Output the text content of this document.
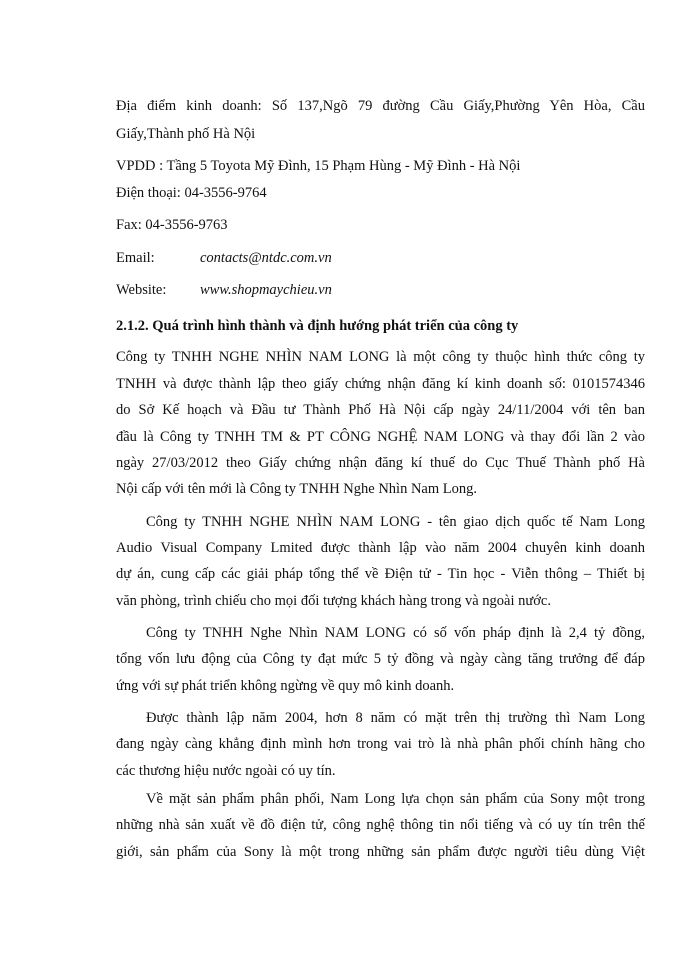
Địa điểm kinh doanh: Số 137,Ngõ 79 đường Cầu Giấy,Phường Yên Hòa, Cầu
Giấy,Thành phố Hà Nội
VPDD : Tầng 5 Toyota Mỹ Đình, 15 Phạm Hùng - Mỹ Đình - Hà Nội
Điện thoại: 04-3556-9764
Fax: 04-3556-9763
Email:	contacts@ntdc.com.vn
Website: www.shopmaychieu.vn
2.1.2. Quá trình hình thành và định hướng phát triển của công ty
Công ty TNHH NGHE NHÌN NAM LONG là một công ty thuộc hình thức công ty
TNHH và được thành lập theo giấy chứng nhận đăng kí kinh doanh số: 0101574346
do Sở Kế hoạch và Đầu tư Thành Phố Hà Nội cấp ngày 24/11/2004 với tên ban
đầu là Công ty TNHH TM & PT CÔNG NGHỆ NAM LONG và thay đổi lần 2 vào
ngày 27/03/2012 theo Giấy chứng nhận đăng kí thuế do Cục Thuế Thành phố Hà
Nội cấp với tên mới là Công ty TNHH Nghe Nhìn Nam Long.
Công ty TNHH NGHE NHÌN NAM LONG - tên giao dịch quốc tế Nam Long
Audio Visual Company Lmited được thành lập vào năm 2004 chuyên kinh doanh
dự án, cung cấp các giải pháp tổng thể về Điện tử - Tin học - Viễn thông – Thiết bị
văn phòng, trình chiếu cho mọi đối tượng khách hàng trong và ngoài nước.
Công ty TNHH Nghe Nhìn NAM LONG có số vốn pháp định là 2,4 tỷ đồng,
tổng vốn lưu động của Công ty đạt mức 5 tỷ đồng và ngày càng tăng trưởng để đáp
ứng với sự phát triển không ngừng về quy mô kinh doanh.
Được thành lập năm 2004, hơn 8 năm có mặt trên thị trường thì Nam Long
đang ngày càng khẳng định mình hơn trong vai trò là nhà phân phối chính hãng cho
các thương hiệu nước ngoài có uy tín.
Về mặt sản phẩm phân phối, Nam Long lựa chọn sản phẩm của Sony một trong
những nhà sản xuất về đồ điện tử, công nghệ thông tin nổi tiếng và có uy tín trên thế
giới, sản phẩm của Sony là một trong những sản phẩm được người tiêu dùng Việt
